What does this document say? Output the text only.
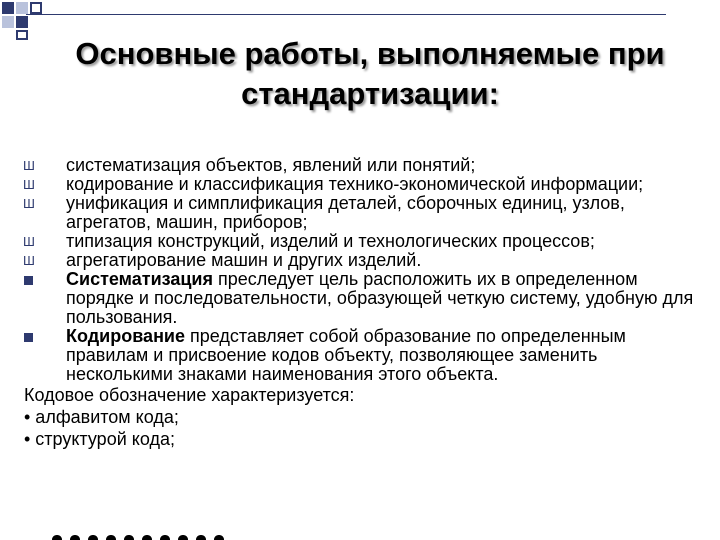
Основные работы, выполняемые при
стандартизации:
Ш систематизация объектов, явлений или понятий;

Ш кодирование и классификация технико-экономической информации;

Ш унификация и симплификация деталей, сборочных единиц, узлов, агрегатов, машин, приборов;

Ш типизация конструкций, изделий и технологических процессов;

Ш агрегатирование машин и других изделий.

Систематизация преследует цель расположить их в определенном порядке и последовательности, образующей четкую систему, удобную для пользования.

Кодирование представляет собой образование по определенным правилам и присвоение кодов объекту, позволяющее заменить несколькими знаками наименования этого объекта.

Кодовое обозначение характеризуется:
• алфавитом кода;
• структурой кода;
